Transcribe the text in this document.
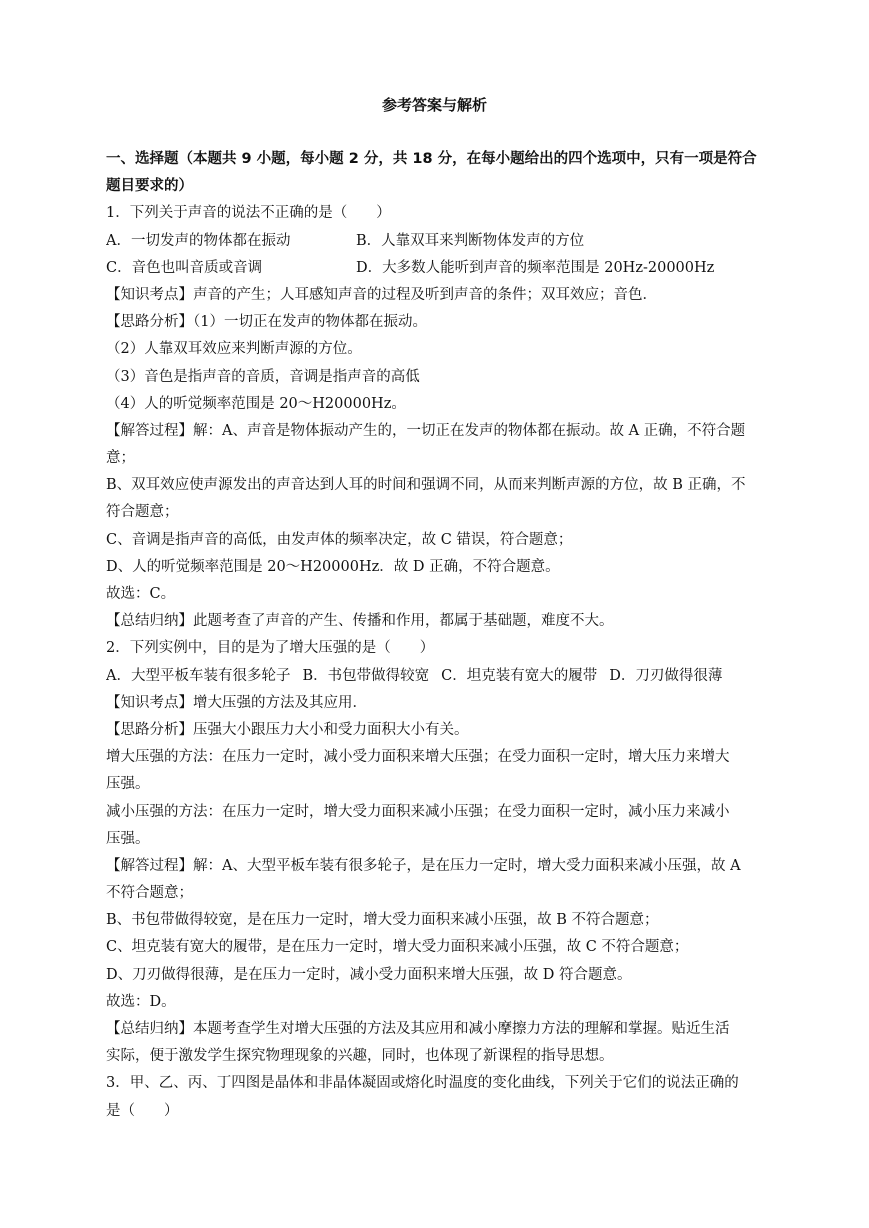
参考答案与解析
一、选择题（本题共 9 小题，每小题 2 分，共 18 分，在每小题给出的四个选项中，只有一项是符合
题目要求的）
1．下列关于声音的说法不正确的是（　　）
A．一切发声的物体都在振动	B．人靠双耳来判断物体发声的方位
C．音色也叫音质或音调	D．大多数人能听到声音的频率范围是 20Hz-20000Hz
【知识考点】声音的产生；人耳感知声音的过程及听到声音的条件；双耳效应；音色．
【思路分析】（1）一切正在发声的物体都在振动。
（2）人靠双耳效应来判断声源的方位。
（3）音色是指声音的音质，音调是指声音的高低
（4）人的听觉频率范围是 20～H20000Hz。
【解答过程】解：A、声音是物体振动产生的，一切正在发声的物体都在振动。故 A 正确，不符合题
意；
B、双耳效应使声源发出的声音达到人耳的时间和强调不同，从而来判断声源的方位，故 B 正确，不
符合题意；
C、音调是指声音的高低，由发声体的频率决定，故 C 错误，符合题意；
D、人的听觉频率范围是 20～H20000Hz．故 D 正确，不符合题意。
故选：C。
【总结归纳】此题考查了声音的产生、传播和作用，都属于基础题，难度不大。
2．下列实例中，目的是为了增大压强的是（　　）
A．大型平板车装有很多轮子 B．书包带做得较宽 C．坦克装有宽大的履带 D．刀刃做得很薄
【知识考点】增大压强的方法及其应用．
【思路分析】压强大小跟压力大小和受力面积大小有关。
增大压强的方法：在压力一定时，减小受力面积来增大压强；在受力面积一定时，增大压力来增大
压强。
减小压强的方法：在压力一定时，增大受力面积来减小压强；在受力面积一定时，减小压力来减小
压强。
【解答过程】解：A、大型平板车装有很多轮子，是在压力一定时，增大受力面积来减小压强，故 A
不符合题意；
B、书包带做得较宽，是在压力一定时，增大受力面积来减小压强，故 B 不符合题意；
C、坦克装有宽大的履带，是在压力一定时，增大受力面积来减小压强，故 C 不符合题意；
D、刀刃做得很薄，是在压力一定时，减小受力面积来增大压强，故 D 符合题意。
故选：D。
【总结归纳】本题考查学生对增大压强的方法及其应用和减小摩擦力方法的理解和掌握。贴近生活
实际，便于激发学生探究物理现象的兴趣，同时，也体现了新课程的指导思想。
3．甲、乙、丙、丁四图是晶体和非晶体凝固或熔化时温度的变化曲线，下列关于它们的说法正确的
是（　　）
